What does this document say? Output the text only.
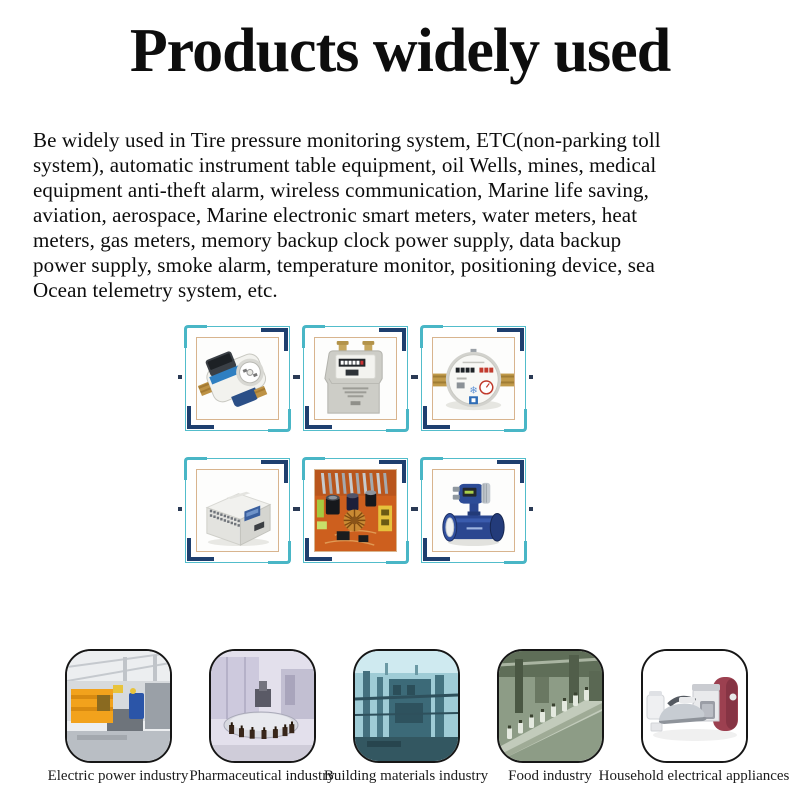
Products widely used
Be widely used in Tire pressure monitoring system, ETC(non-parking toll
system), automatic instrument table equipment, oil Wells, mines, medical
equipment anti-theft alarm, wireless communication, Marine life saving,
aviation, aerospace, Marine electronic smart meters, water meters, heat
meters, gas meters, memory backup clock power supply, data backup
power supply, smoke alarm, temperature monitor, positioning device, sea
Ocean telemetry system, etc.
❄
Electric power industry Pharmaceutical industry
Building materials industry Food industry Household electrical appliances
